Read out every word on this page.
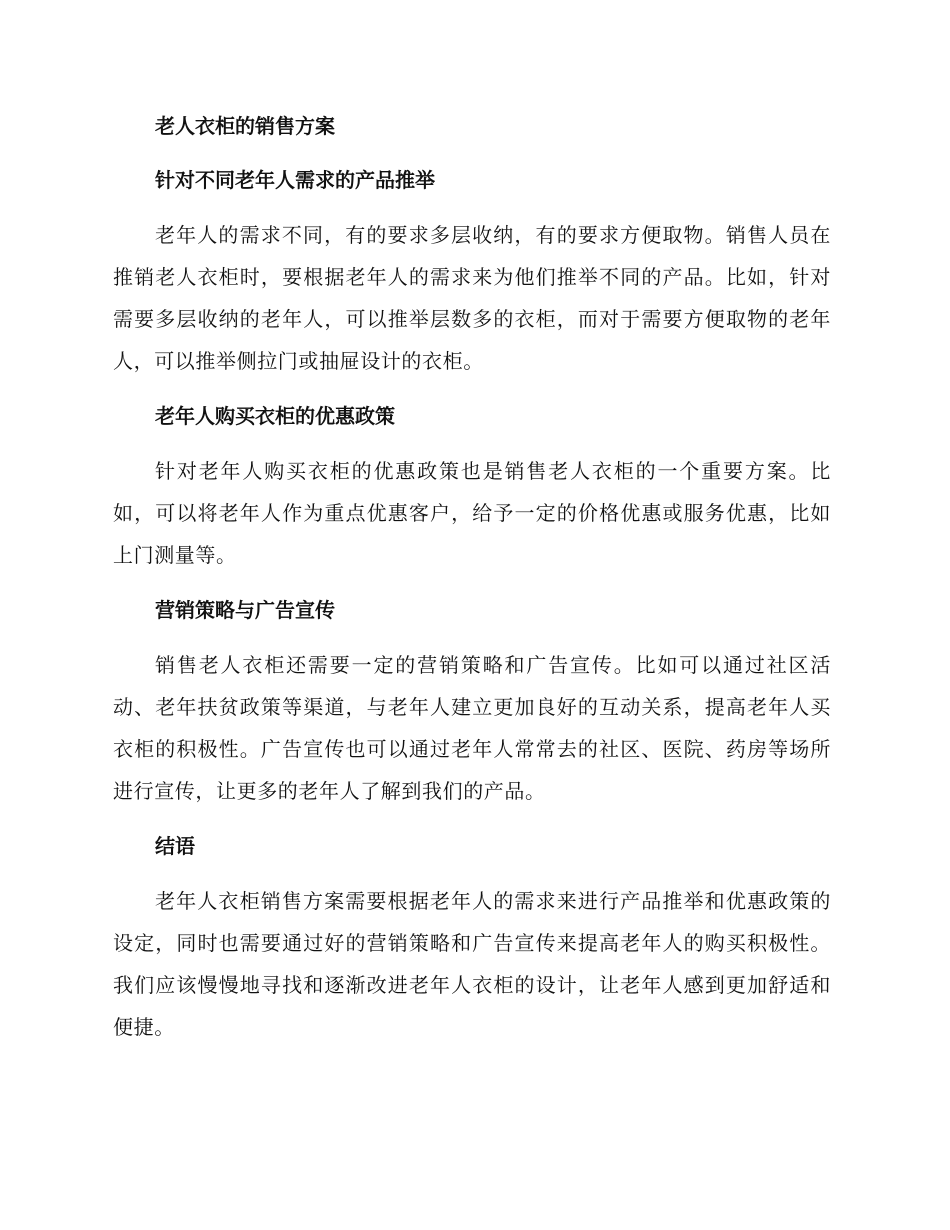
老人衣柜的销售方案
针对不同老年人需求的产品推举

老年人的需求不同，有的要求多层收纳，有的要求方便取物。销售人员在推销老人衣柜时，要根据老年人的需求来为他们推举不同的产品。比如，针对需要多层收纳的老年人，可以推举层数多的衣柜，而对于需要方便取物的老年人，可以推举侧拉门或抽屉设计的衣柜。

老年人购买衣柜的优惠政策

针对老年人购买衣柜的优惠政策也是销售老人衣柜的一个重要方案。比如，可以将老年人作为重点优惠客户，给予一定的价格优惠或服务优惠，比如上门测量等。

营销策略与广告宣传

销售老人衣柜还需要一定的营销策略和广告宣传。比如可以通过社区活动、老年扶贫政策等渠道，与老年人建立更加良好的互动关系，提高老年人买衣柜的积极性。广告宣传也可以通过老年人常常去的社区、医院、药房等场所进行宣传，让更多的老年人了解到我们的产品。

结语

老年人衣柜销售方案需要根据老年人的需求来进行产品推举和优惠政策的设定，同时也需要通过好的营销策略和广告宣传来提高老年人的购买积极性。我们应该慢慢地寻找和逐渐改进老年人衣柜的设计，让老年人感到更加舒适和便捷。
